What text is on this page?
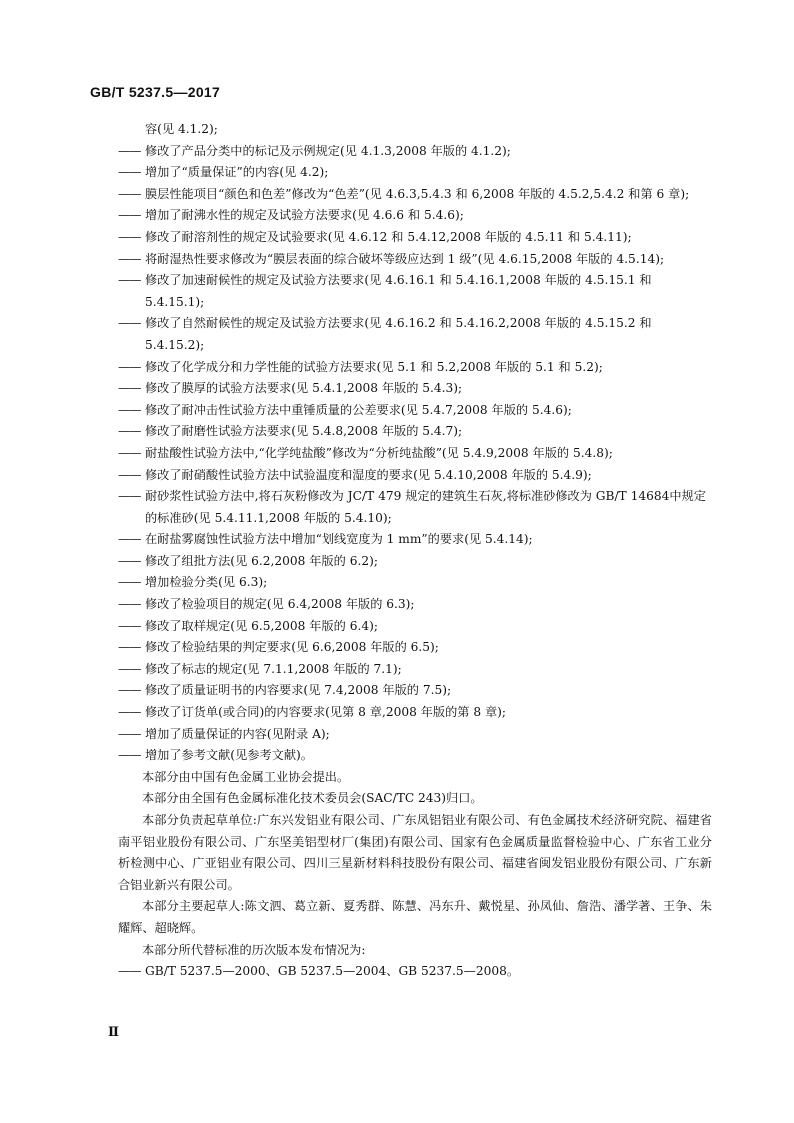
GB/T 5237.5—2017
容(见 4.1.2);
—— 修改了产品分类中的标记及示例规定(见 4.1.3,2008 年版的 4.1.2);
—— 增加了“质量保证”的内容(见 4.2);
—— 膜层性能项目“颜色和色差”修改为“色差”(见 4.6.3,5.4.3 和 6,2008 年版的 4.5.2,5.4.2 和第 6 章);
—— 增加了耐沸水性的规定及试验方法要求(见 4.6.6 和 5.4.6);
—— 修改了耐溶剂性的规定及试验要求(见 4.6.12 和 5.4.12,2008 年版的 4.5.11 和 5.4.11);
—— 将耐湿热性要求修改为“膜层表面的综合破坏等级应达到 1 级”(见 4.6.15,2008 年版的 4.5.14);
—— 修改了加速耐候性的规定及试验方法要求(见 4.6.16.1 和 5.4.16.1,2008 年版的 4.5.15.1 和 5.4.15.1);
—— 修改了自然耐候性的规定及试验方法要求(见 4.6.16.2 和 5.4.16.2,2008 年版的 4.5.15.2 和 5.4.15.2);
—— 修改了化学成分和力学性能的试验方法要求(见 5.1 和 5.2,2008 年版的 5.1 和 5.2);
—— 修改了膜厚的试验方法要求(见 5.4.1,2008 年版的 5.4.3);
—— 修改了耐冲击性试验方法中重锤质量的公差要求(见 5.4.7,2008 年版的 5.4.6);
—— 修改了耐磨性试验方法要求(见 5.4.8,2008 年版的 5.4.7);
—— 耐盐酸性试验方法中,“化学纯盐酸”修改为“分析纯盐酸”(见 5.4.9,2008 年版的 5.4.8);
—— 修改了耐硝酸性试验方法中试验温度和湿度的要求(见 5.4.10,2008 年版的 5.4.9);
—— 耐砂浆性试验方法中,将石灰粉修改为 JC/T 479 规定的建筑生石灰,将标准砂修改为 GB/T 14684中规定的标准砂(见 5.4.11.1,2008 年版的 5.4.10);
—— 在耐盐雾腐蚀性试验方法中增加“划线宽度为 1 mm”的要求(见 5.4.14);
—— 修改了组批方法(见 6.2,2008 年版的 6.2);
—— 增加检验分类(见 6.3);
—— 修改了检验项目的规定(见 6.4,2008 年版的 6.3);
—— 修改了取样规定(见 6.5,2008 年版的 6.4);
—— 修改了检验结果的判定要求(见 6.6,2008 年版的 6.5);
—— 修改了标志的规定(见 7.1.1,2008 年版的 7.1);
—— 修改了质量证明书的内容要求(见 7.4,2008 年版的 7.5);
—— 修改了订货单(或合同)的内容要求(见第 8 章,2008 年版的第 8 章);
—— 增加了质量保证的内容(见附录 A);
—— 增加了参考文献(见参考文献)。
本部分由中国有色金属工业协会提出。
本部分由全国有色金属标准化技术委员会(SAC/TC 243)归口。
本部分负责起草单位:广东兴发铝业有限公司、广东凤铝铝业有限公司、有色金属技术经济研究院、福建省南平铝业股份有限公司、广东坚美铝型材厂(集团)有限公司、国家有色金属质量监督检验中心、广东省工业分析检测中心、广亚铝业有限公司、四川三星新材料科技股份有限公司、福建省闽发铝业股份有限公司、广东新合铝业新兴有限公司。
本部分主要起草人:陈文泗、葛立新、夏秀群、陈慧、冯东升、戴悦星、孙凤仙、詹浩、潘学著、王争、朱耀辉、超晓辉。
本部分所代替标准的历次版本发布情况为:
—— GB/T 5237.5—2000、GB 5237.5—2004、GB 5237.5—2008。
Ⅱ
